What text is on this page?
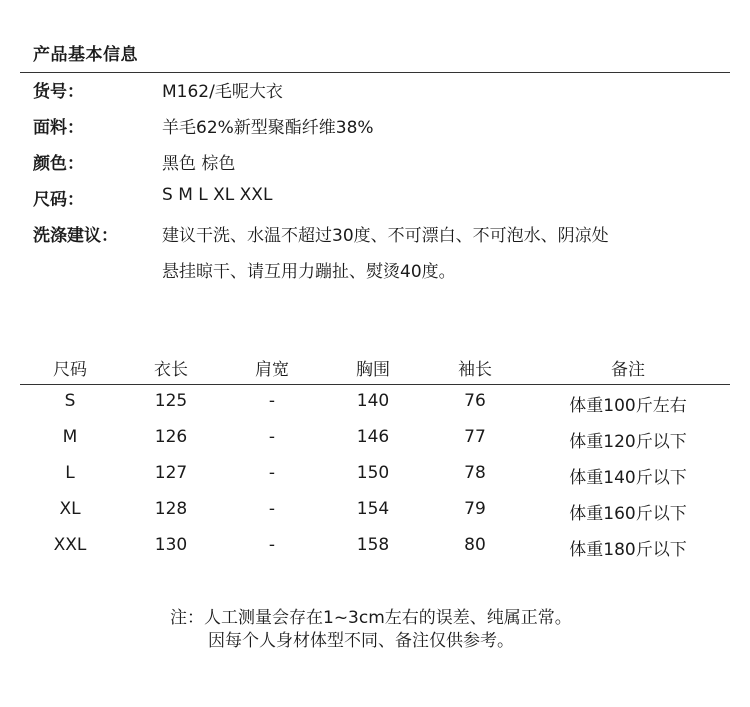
产品基本信息
货号：	M162/毛呢大衣
面料：	羊毛62%新型聚酯纤维38%
颜色：	黑色 棕色
尺码：	S M L XL XXL
洗涤建议：	建议干洗、水温不超过30度、不可漂白、不可泡水、阴凉处
悬挂晾干、请互用力蹦扯、熨烫40度。
尺码	衣长	肩宽	胸围	袖长	备注
S	125	-	140	76	体重100斤左右
M	126	-	146	77	体重120斤以下
L	127	-	150	78	体重140斤以下
XL	128	-	154	79	体重160斤以下
XXL	130	-	158	80	体重180斤以下
注：人工测量会存在1~3cm左右的误差、纯属正常。
因每个人身材体型不同、备注仅供参考。
